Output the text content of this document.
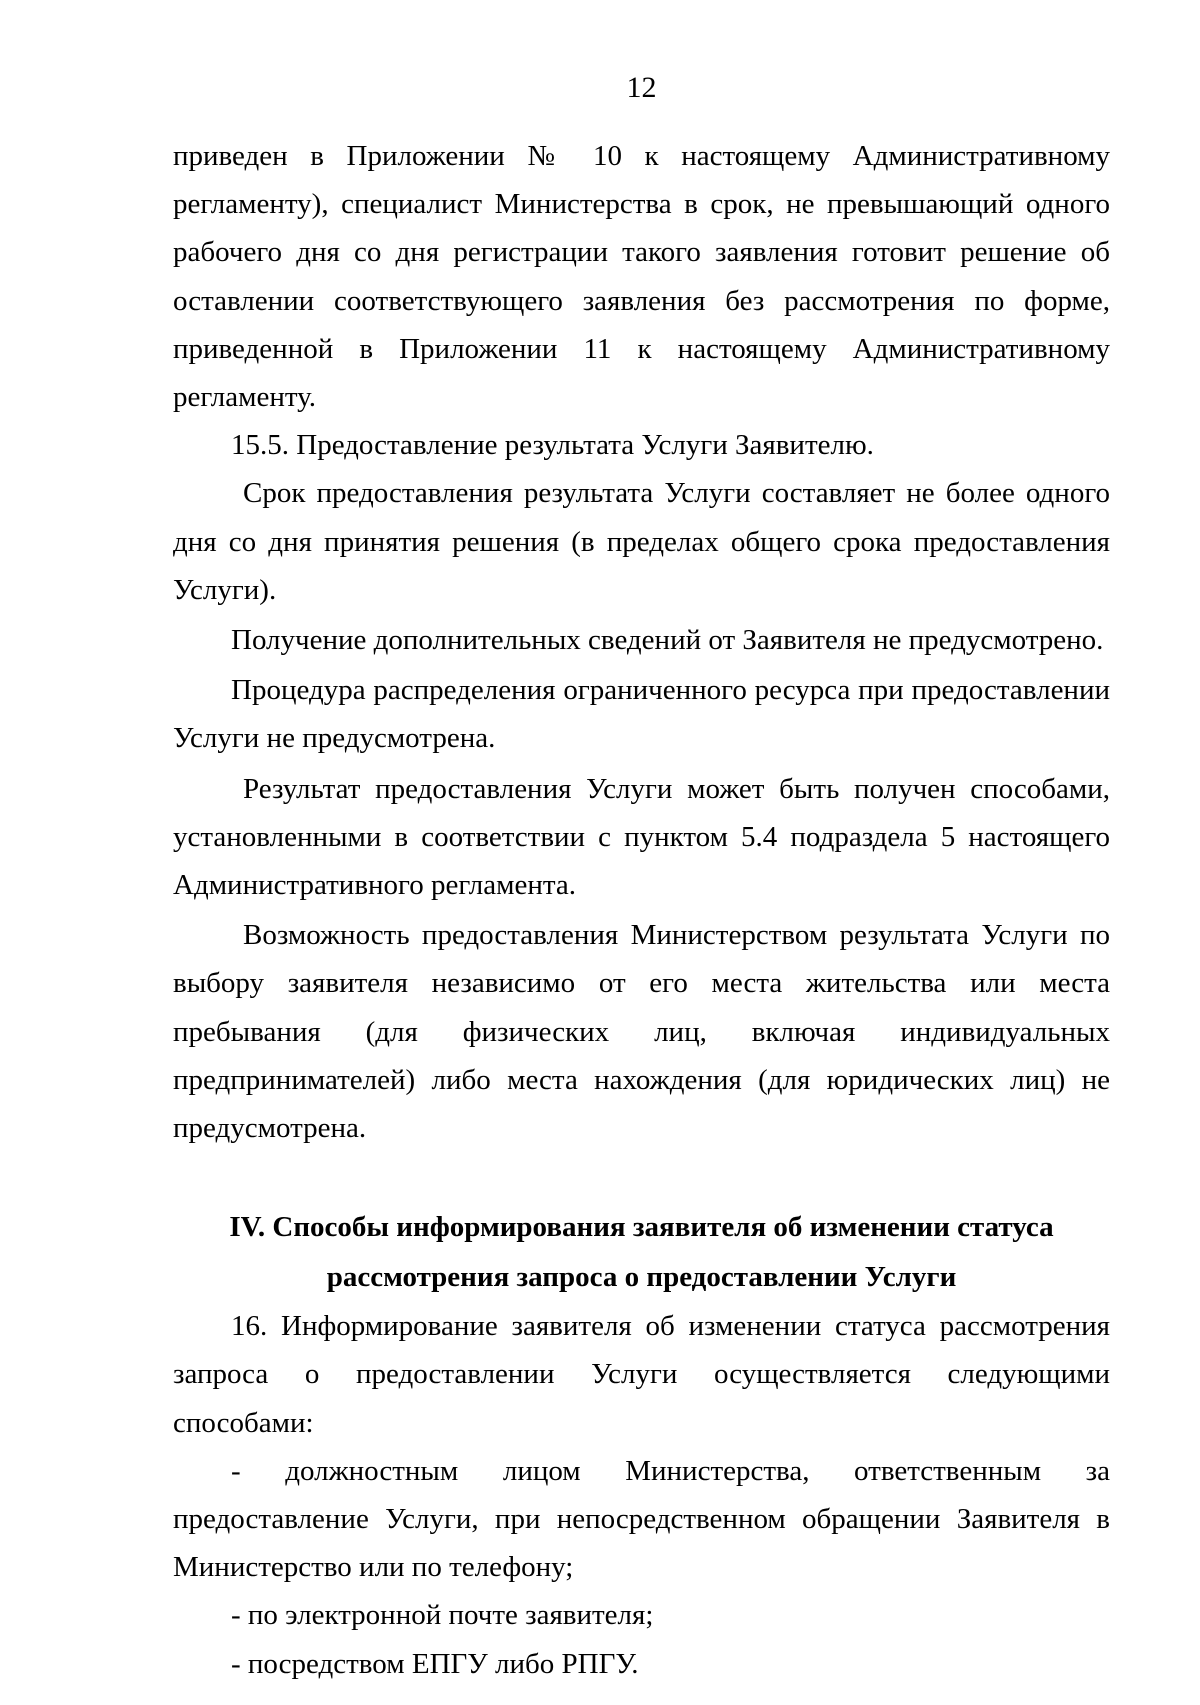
12

приведен в Приложении № 10 к настоящему Административному регламенту), специалист Министерства в срок, не превышающий одного рабочего дня со дня регистрации такого заявления готовит решение об оставлении соответствующего заявления без рассмотрения по форме, приведенной в Приложении 11 к настоящему Административному регламенту.

15.5. Предоставление результата Услуги Заявителю.

Срок предоставления результата Услуги составляет не более одного дня со дня принятия решения (в пределах общего срока предоставления Услуги).

Получение дополнительных сведений от Заявителя не предусмотрено.

Процедура распределения ограниченного ресурса при предоставлении Услуги не предусмотрена.

Результат предоставления Услуги может быть получен способами, установленными в соответствии с пунктом 5.4 подраздела 5 настоящего Административного регламента.

Возможность предоставления Министерством результата Услуги по выбору заявителя независимо от его места жительства или места пребывания (для физических лиц, включая индивидуальных предпринимателей) либо места нахождения (для юридических лиц) не предусмотрена.

IV. Способы информирования заявителя об изменении статуса
рассмотрения запроса о предоставлении Услуги

16. Информирование заявителя об изменении статуса рассмотрения запроса о предоставлении Услуги осуществляется следующими способами:

- должностным лицом Министерства, ответственным за предоставление Услуги, при непосредственном обращении Заявителя в Министерство или по телефону;

- по электронной почте заявителя;

- посредством ЕПГУ либо РПГУ.
